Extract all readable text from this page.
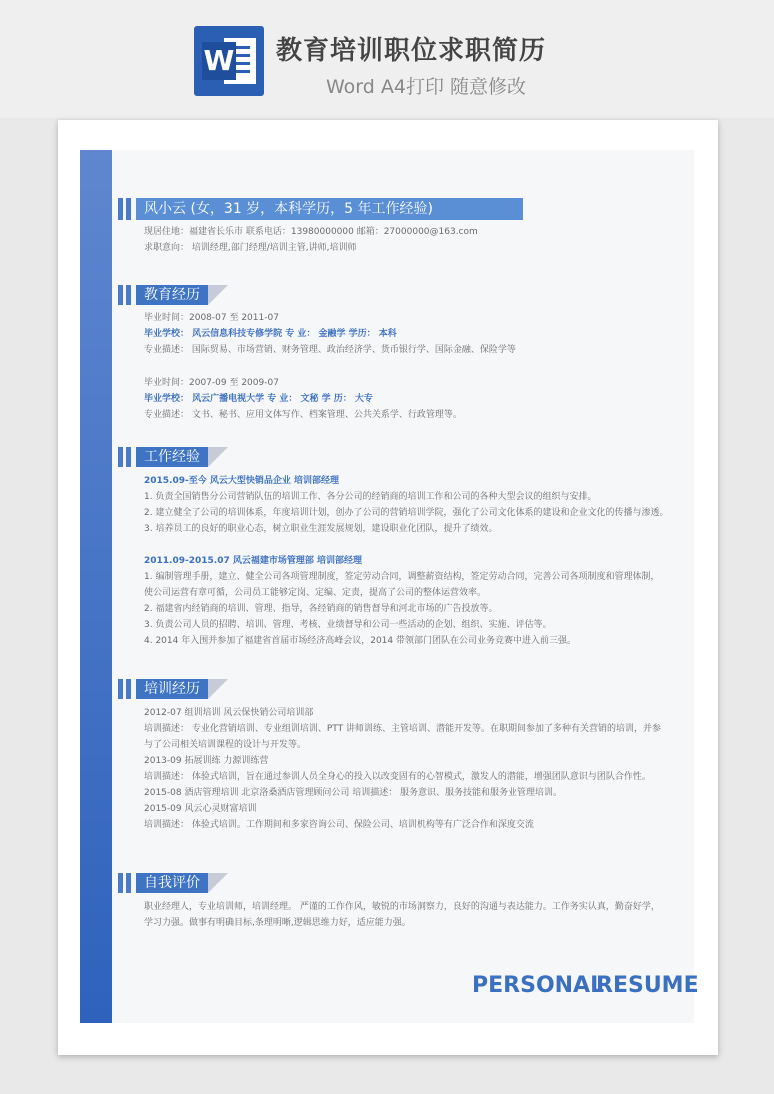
W 教育培训职位求职简历
Word A4打印 随意修改
风小云 (女，31 岁，本科学历，5 年工作经验)
现居住地：福建省长乐市 联系电话：13980000000 邮箱：27000000@163.com
求职意向： 培训经理,部门经理/培训主管,讲师,培训师
教育经历
毕业时间：2008-07 至 2011-07
毕业学校： 风云信息科技专修学院 专 业： 金融学 学历： 本科
专业描述： 国际贸易、市场营销、财务管理、政治经济学、货币银行学、国际金融、保险学等
毕业时间：2007-09 至 2009-07
毕业学校： 风云广播电视大学 专 业： 文秘 学 历： 大专
专业描述： 文书、秘书、应用文体写作、档案管理、公共关系学、行政管理等。
工作经验
2015.09-至今 风云大型快销品企业 培训部经理
1. 负责全国销售分公司营销队伍的培训工作、各分公司的经销商的培训工作和公司的各种大型会议的组织与安排。
2. 建立健全了公司的培训体系，年度培训计划，创办了公司的营销培训学院，强化了公司文化体系的建设和企业文化的传播与渗透。
3. 培养员工的良好的职业心态，树立职业生涯发展规划，建设职业化团队，提升了绩效。
2011.09-2015.07 风云福建市场管理部 培训部经理
1. 编制管理手册，建立、健全公司各项管理制度，签定劳动合同，调整薪资结构，签定劳动合同，完善公司各项制度和管理体制，
使公司运营有章可循，公司员工能够定岗、定编、定责，提高了公司的整体运营效率。
2. 福建省内经销商的培训、管理、指导，各经销商的销售督导和河北市场的广告投放等。
3. 负责公司人员的招聘、培训、管理、考核、业绩督导和公司一些活动的企划、组织、实施、评估等。
4. 2014 年入围并参加了福建省首届市场经济高峰会议，2014 带领部门团队在公司业务竞赛中进入前三强。
培训经历
2012-07 组训培训 风云保快销公司培训部
培训描述： 专业化营销培训、专业组训培训、PTT 讲师训练、主管培训、潜能开发等。在职期间参加了多种有关营销的培训，并参
与了公司相关培训课程的设计与开发等。
2013-09 拓展训练 力源训练营
培训描述： 体验式培训，旨在通过参训人员全身心的投入以改变固有的心智模式，激发人的潜能，增强团队意识与团队合作性。
2015-08 酒店管理培训 北京洛桑酒店管理顾问公司 培训描述： 服务意识、服务技能和服务业管理培训。
2015-09 风云心灵财富培训
培训描述： 体验式培训。工作期间和多家咨询公司、保险公司、培训机构等有广泛合作和深度交流
自我评价
职业经理人，专业培训师，培训经理。 严谨的工作作风，敏锐的市场洞察力，良好的沟通与表达能力。工作务实认真，勤奋好学，
学习力强。做事有明确目标,条理明晰,逻辑思维力好，适应能力强。
PERSONAL
RESUME
